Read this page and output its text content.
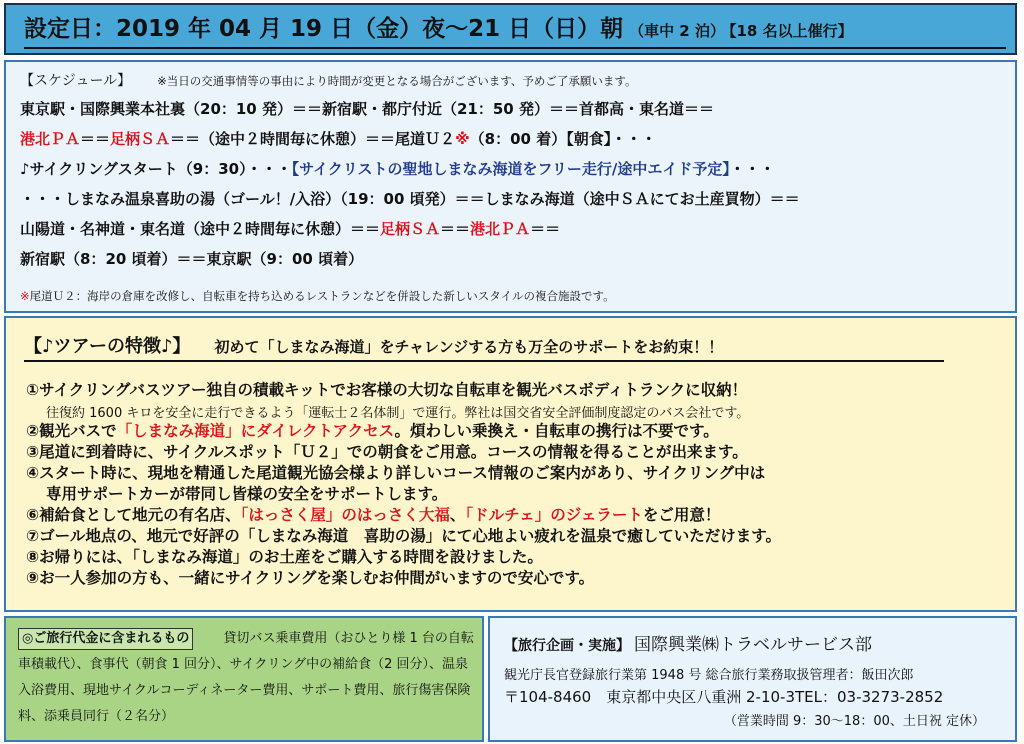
設定日：2019 年 04 月 19 日（金）夜～21 日（日）朝 （車中 2 泊） 【18 名以上催行】
【スケジュール】 ※当日の交通事情等の事由により時間が変更となる場合がございます、予めご了承願います。
東京駅・国際興業本社裏（20：10 発）＝＝新宿駅・都庁付近（21：50 発）＝＝首都高・東名道＝＝
港北ＰＡ＝＝足柄ＳＡ＝＝（途中２時間毎に休憩）＝＝尾道Ｕ２※（8：00 着）【朝食】・・・
♪サイクリングスタート（9：30）・・・【サイクリストの聖地しまなみ海道をフリー走行/途中エイド予定】・・・
・・・しまなみ温泉喜助の湯（ゴール！/入浴）（19：00 頃発）＝＝しまなみ海道（途中ＳＡにてお土産買物）＝＝
山陽道・名神道・東名道（途中２時間毎に休憩）＝＝足柄ＳＡ＝＝港北ＰＡ＝＝
新宿駅（8：20 頃着）＝＝東京駅（9：00 頃着）
※尾道Ｕ２：海岸の倉庫を改修し、自転車を持ち込めるレストランなどを併設した新しいスタイルの複合施設です。
【♪ツアーの特徴♪】 初めて「しまなみ海道」をチャレンジする方も万全のサポートをお約束！！
①サイクリングバスツアー独自の積載キットでお客様の大切な自転車を観光バスボディトランクに収納！
往復約 1600 キロを安全に走行できるよう「運転士２名体制」で運行。弊社は国交省安全評価制度認定のバス会社です。
②観光バスで「しまなみ海道」にダイレクトアクセス。煩わしい乗換え・自転車の携行は不要です。
③尾道に到着時に、サイクルスポット「Ｕ２」での朝食をご用意。コースの情報を得ることが出来ます。
④スタート時に、現地を精通した尾道観光協会様より詳しいコース情報のご案内があり、サイクリング中は
専用サポートカーが帯同し皆様の安全をサポートします。
⑥補給食として地元の有名店、「はっさく屋」のはっさく大福、「ドルチェ」のジェラートをご用意！
⑦ゴール地点の、地元で好評の「しまなみ海道　喜助の湯」にて心地よい疲れを温泉で癒していただけます。
⑧お帰りには、「しまなみ海道」のお土産をご購入する時間を設けました。
⑨お一人参加の方も、一緒にサイクリングを楽しむお仲間がいますので安心です。
◎ご旅行代金に含まれるもの	貸切バス乗車費用（おひとり様 1 台の自転車積載代）、食事代（朝食 1 回分）、サイクリング中の補給食（2 回分）、温泉入浴費用、現地サイクルコーディネーター費用、サポート費用、旅行傷害保険料、添乗員同行（２名分）
【旅行企画・実施】 国際興業㈱トラベルサービス部
観光庁長官登録旅行業第 1948 号 総合旅行業務取扱管理者：飯田次郎
〒104-8460　東京都中央区八重洲 2-10-3TEL：03-3273-2852
（営業時間 9：30～18：00、土日祝 定休）
